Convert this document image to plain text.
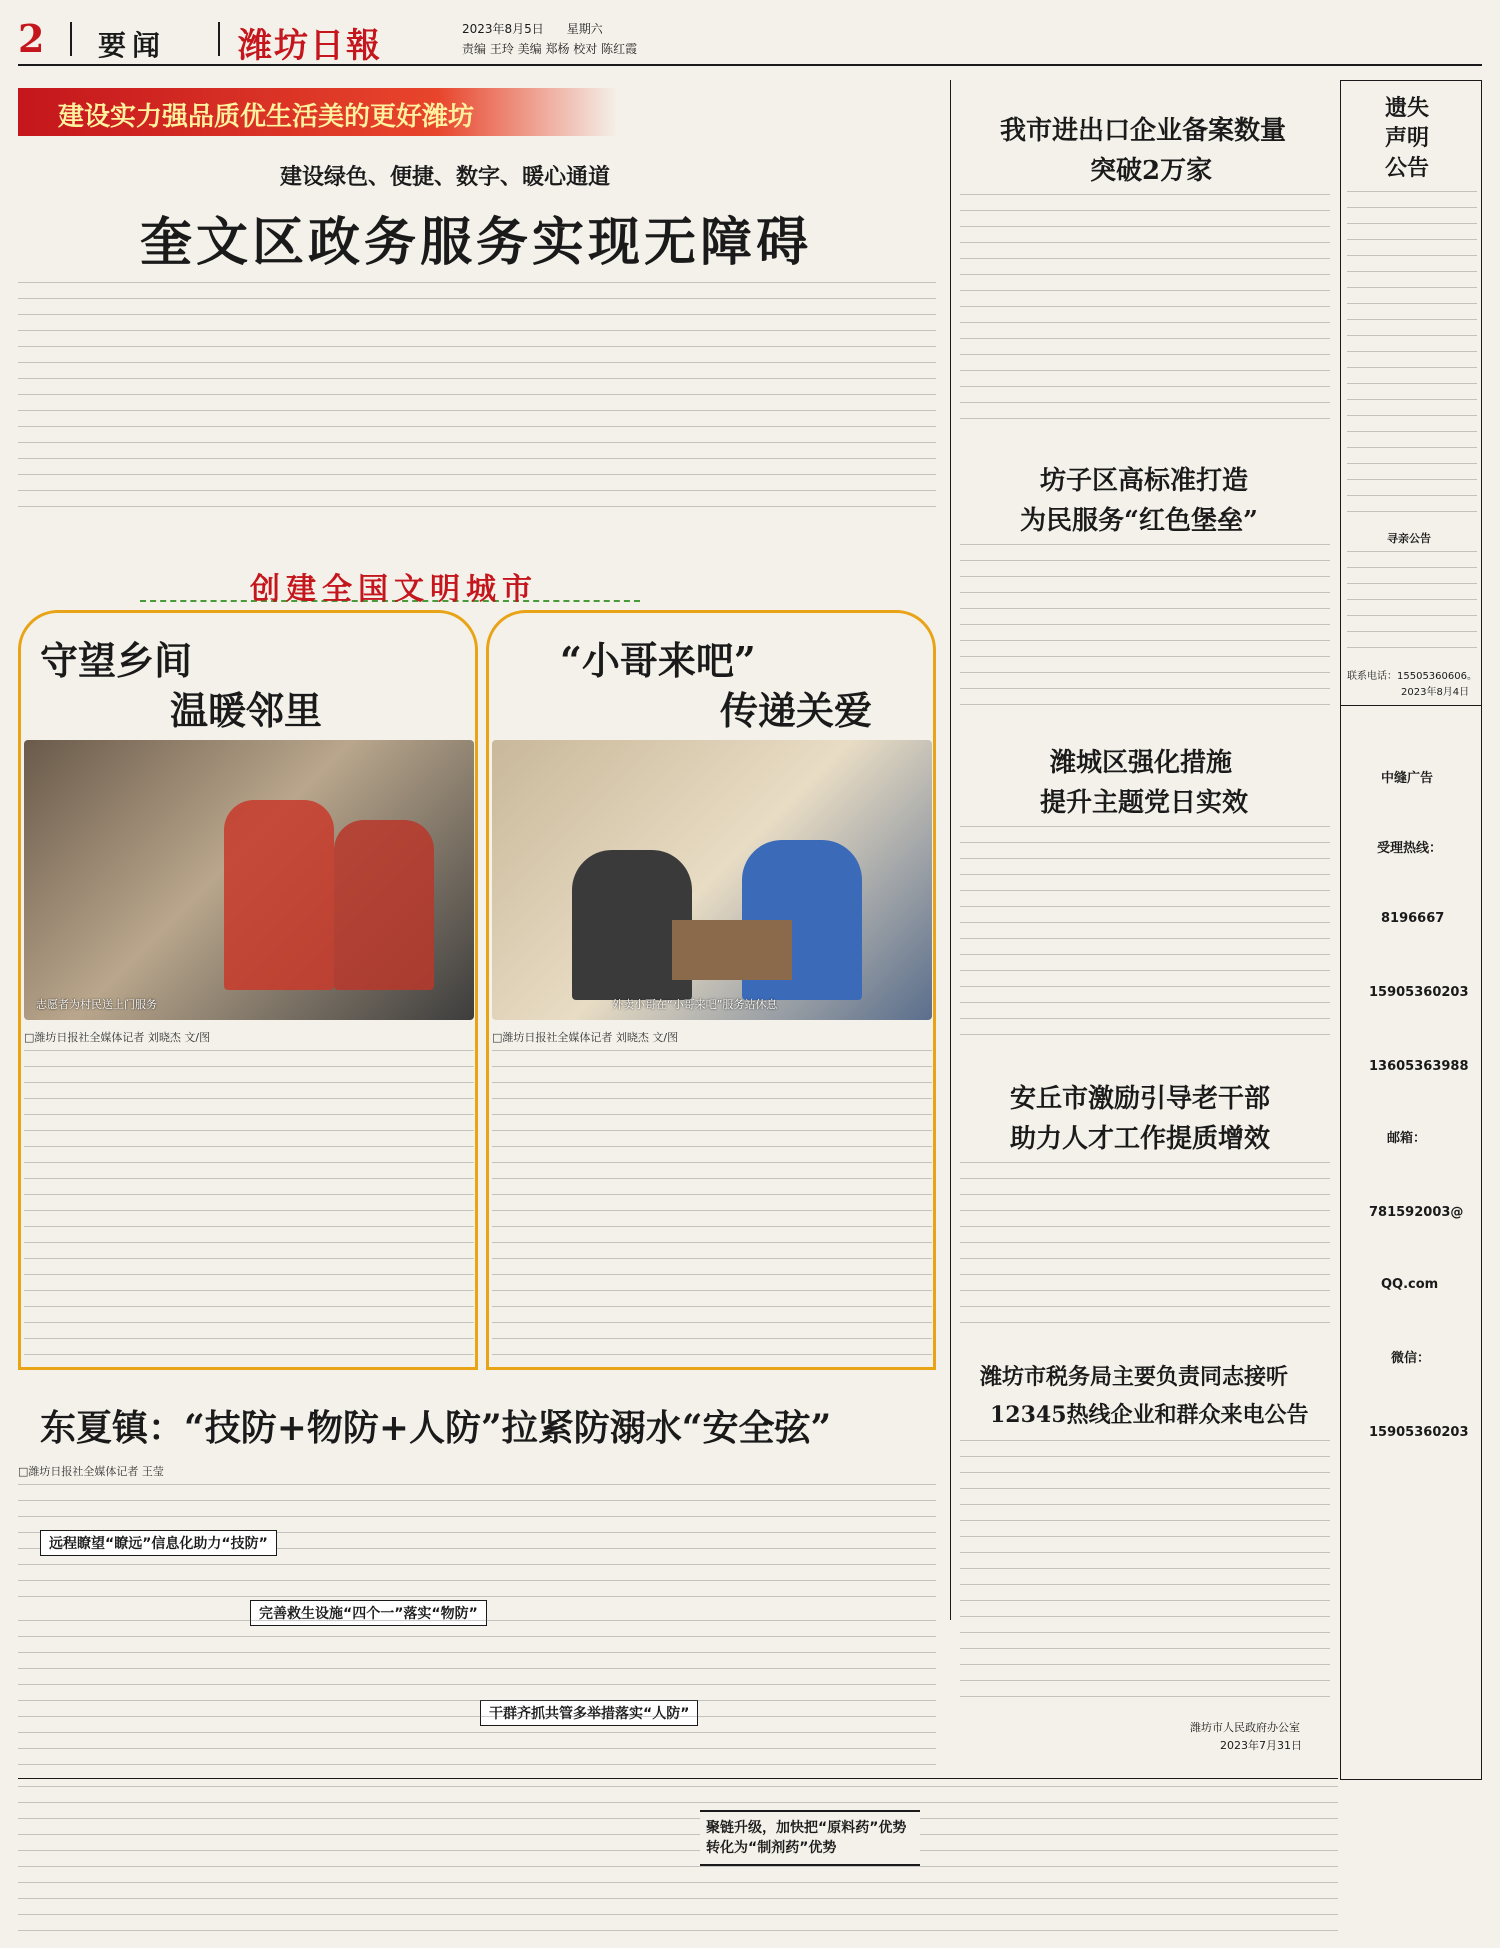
2 要闻 潍坊日報	2023年8月5日 星期六
责编 王玲 美编 郑杨 校对 陈红霞
建设实力强品质优生活美的更好潍坊
建设绿色、便捷、数字、暖心通道
奎文区政务服务实现无障碍
创建全国文明城市
守望乡间
温暖邻里
志愿者为村民送上门服务
□潍坊日报社全媒体记者 刘晓杰 文/图
“小哥来吧”
传递关爱
外卖小哥在“小哥来吧”服务站休息
□潍坊日报社全媒体记者 刘晓杰 文/图
东夏镇：“技防+物防+人防”拉紧防溺水“安全弦”
□潍坊日报社全媒体记者 王莹
远程瞭望“瞭远”信息化助力“技防”
完善救生设施“四个一”落实“物防”
干群齐抓共管多举措落实“人防”
聚链升级，加快把“原料药”优势转化为“制剂药”优势
我市进出口企业备案数量
突破2万家
坊子区高标准打造
为民服务“红色堡垒”
潍城区强化措施
提升主题党日实效
安丘市激励引导老干部
助力人才工作提质增效
潍坊市税务局主要负责同志接听
12345热线企业和群众来电公告
潍坊市人民政府办公室
2023年7月31日
遗失
声明
公告
寻亲公告
联系电话：15505360606。
2023年8月4日
中缝广告
受理热线：
8196667
15905360203
13605363988
邮箱：
781592003@
QQ.com
微信：
15905360203
